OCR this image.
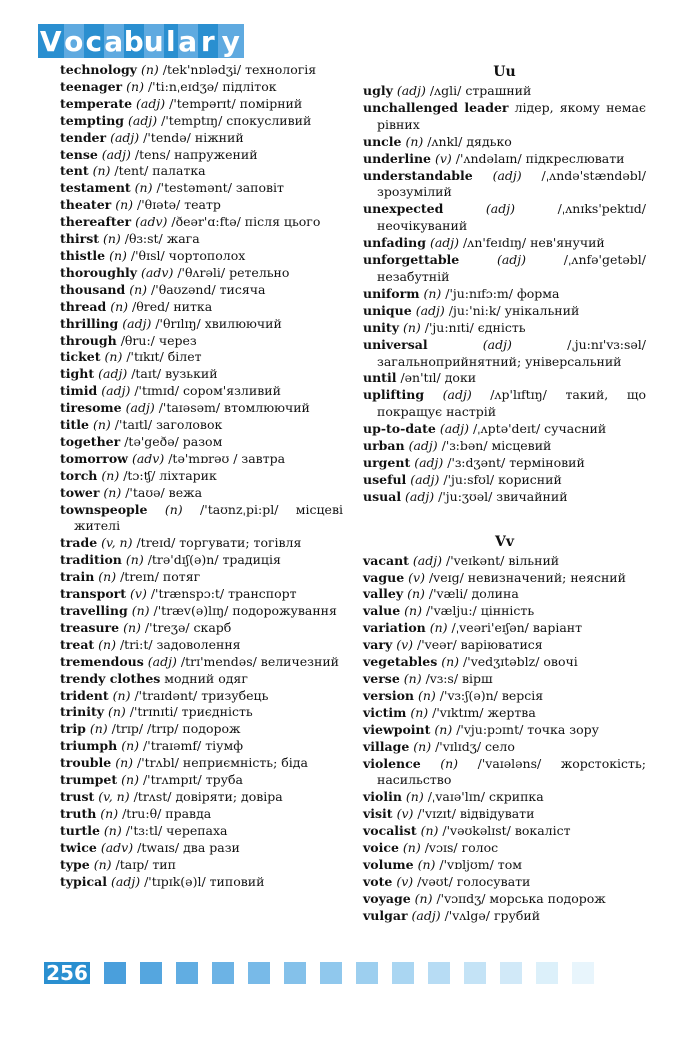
V o c a b u l a r y
technology (n) /tek'nɒlədʒi/ технологія
teenager (n) /'ti:nˌeɪdʒə/ підліток
temperate (adj) /'tempərɪt/ помірний
tempting (adj) /'temptɪŋ/ спокусливий
tender (adj) /'tendə/ ніжний
tense (adj) /tens/ напружений
tent (n) /tent/ палатка
testament (n) /'testəmənt/ заповіт
theater (n) /'θɪətə/ театр
thereafter (adv) /ðeər'ɑ:ftə/ після цього
thirst (n) /θɜ:st/ жага
thistle (n) /'θɪsl/ чортополох
thoroughly (adv) /'θʌrəli/ ретельно
thousand (n) /'θaʊzənd/ тисяча
thread (n) /θred/ нитка
thrilling (adj) /'θrɪlɪŋ/ хвилюючий
through /θru:/ через
ticket (n) /'tɪkɪt/ білет
tight (adj) /taɪt/ вузький
timid (adj) /'tɪmɪd/ сором'язливий
tiresome (adj) /'taɪəsəm/ втомлюючий
title (n) /'taɪtl/ заголовок
together /tə'geðə/ разом
tomorrow (adv) /tə'mɒrəʊ / завтра
torch (n) /tɔ:ʧ/ ліхтарик
tower (n) /'taʊə/ вежа
townspeople (n) /'taʊnzˌpi:pl/ місцеві жителі
trade (v, n) /treɪd/ торгувати; тогівля
tradition (n) /trə'dɪʃ(ə)n/ традиція
train (n) /treɪn/ потяг
transport (v) /'trænspɔ:t/ транспорт
travelling (n) /'træv(ə)lɪŋ/ подорожування
treasure (n) /'treʒə/ скарб
treat (n) /tri:t/ задоволення
tremendous (adj) /trɪ'mendəs/ величезний
trendy clothes модний одяг
trident (n) /'traɪdənt/ тризубець
trinity (n) /'trɪnɪti/ триєдність
trip (n) /trɪp/ /trɪp/ подорож
triumph (n) /'traɪəmf/ тіумф
trouble (n) /'trʌbl/ неприємність; біда
trumpet (n) /'trʌmpɪt/ труба
trust (v, n) /trʌst/ довіряти; довіра
truth (n) /tru:θ/ правда
turtle (n) /'tɜ:tl/ черепаха
twice (adv) /twaɪs/ два рази
type (n) /taɪp/ тип
typical (adj) /'tɪpɪk(ə)l/ типовий
Uu
ugly (adj) /ʌgli/ страшний
unchallenged leader лідер, якому немає рівних
uncle (n) /ʌnkl/ дядько
underline (v) /'ʌndəlaɪn/ підкреслювати
understandable (adj) /ˌʌndə'stændəbl/ зрозумілий
unexpected	(adj)	/ˌʌnɪks'pektɪd/ неочікуваний
unfading (adj) /ʌn'feɪdɪŋ/ нев'янучий
unforgettable	(adj)	/ˌʌnfə'getəbl/ незабутній
uniform (n) /'ju:nɪfɔ:m/ форма
unique (adj) /ju:'ni:k/ унікальний
unity (n) /'ju:nɪti/ єдність
universal	(adj)	/ˌju:nɪ'vɜ:səl/ загальноприйнятний; універсальний
until /ən'tɪl/ доки
uplifting (adj) /ʌp'lɪftɪŋ/ такий, що покращує настрій
up-to-date (adj) /ˌʌptə'deɪt/ сучасний
urban (adj) /'ɜ:bən/ місцевий
urgent (adj) /'ɜ:dʒənt/ терміновий
useful (adj) /'ju:sfʊl/ корисний
usual (adj) /'ju:ʒʊəl/ звичайний
Vv
vacant (adj) /'veɪkənt/ вільний
vague (v) /veɪg/ невизначений; неясний
valley (n) /'væli/ долина
value (n) /'vælju:/ цінність
variation (n) /ˌveəri'eɪʃən/ варіант
vary (v) /'veər/ варіюватися
vegetables (n) /'vedʒɪtəblz/ овочі
verse (n) /vɜ:s/ вірш
version (n) /'vɜ:ʃ(ə)n/ версія
victim (n) /'vɪktɪm/ жертва
viewpoint (n) /'vju:pɔɪnt/ точка зору
village (n) /'vɪlɪdʒ/ село
violence (n) /'vaɪələns/ жорстокість; насильство
violin (n) /ˌvaɪə'lɪn/ скрипка
visit (v) /'vɪzɪt/ відвідувати
vocalist (n) /'vəʊkəlɪst/ вокаліст
voice (n) /vɔɪs/ голос
volume (n) /'vɒljʊm/ том
vote (v) /vəʊt/ голосувати
voyage (n) /'vɔɪɪdʒ/ морська подорож
vulgar (adj) /'vʌlgə/ грубий
256
